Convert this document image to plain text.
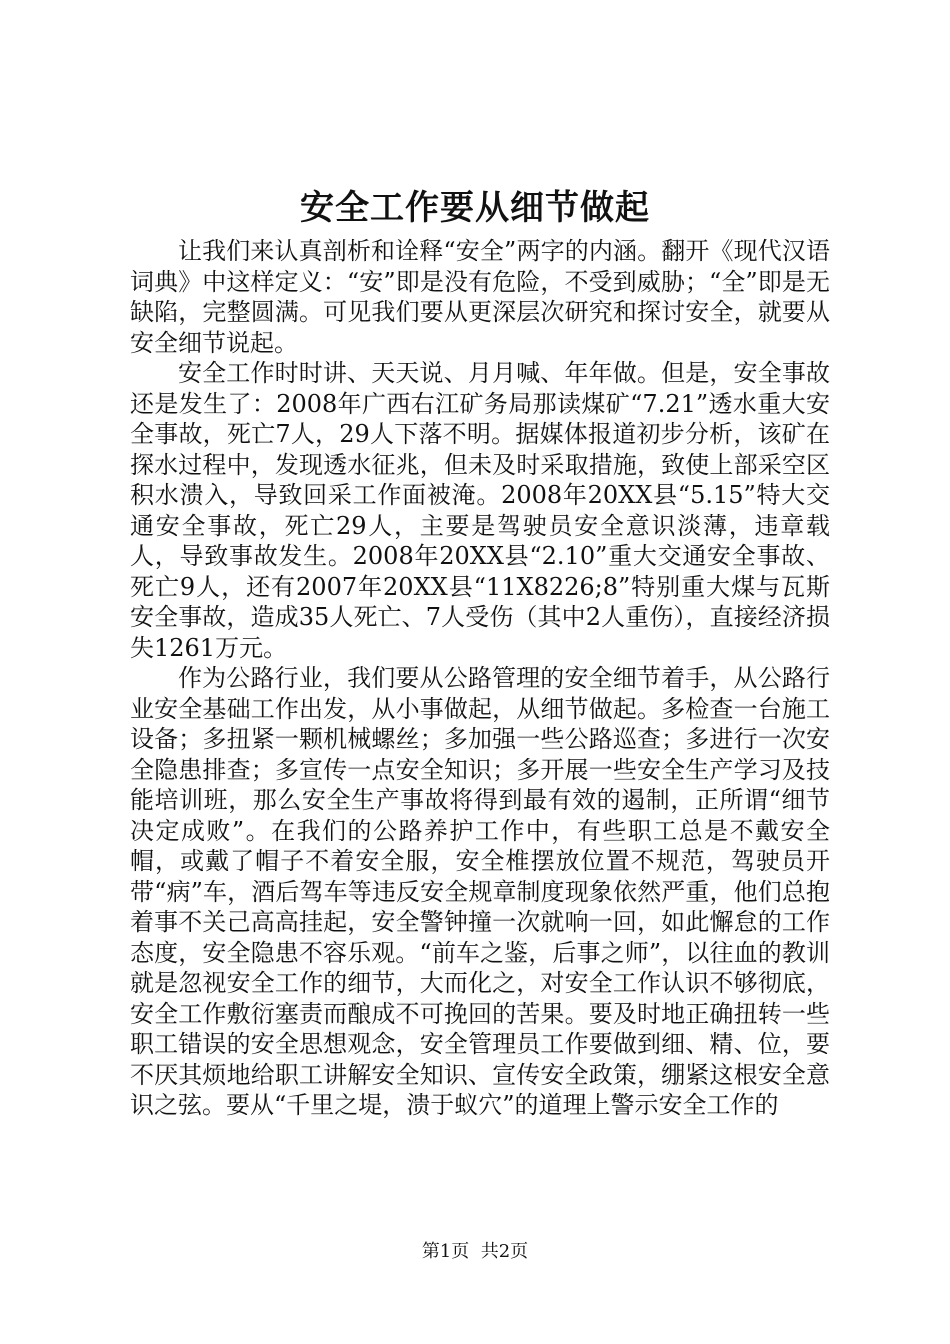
安全工作要从细节做起

让我们来认真剖析和诠释“安全”两字的内涵。翻开《现代汉语词典》中这样定义：“安”即是没有危险，不受到威胁；“全”即是无缺陷，完整圆满。可见我们要从更深层次研究和探讨安全，就要从安全细节说起。

安全工作时时讲、天天说、月月喊、年年做。但是，安全事故还是发生了：2008年广西右江矿务局那读煤矿“7.21”透水重大安全事故，死亡7人，29人下落不明。据媒体报道初步分析，该矿在探水过程中，发现透水征兆，但未及时采取措施，致使上部采空区积水溃入，导致回采工作面被淹。2008年20XX县“5.15”特大交通安全事故，死亡29人，主要是驾驶员安全意识淡薄，违章载人，导致事故发生。2008年20XX县“2.10”重大交通安全事故、死亡9人，还有2007年20XX县“11X8226;8”特别重大煤与瓦斯安全事故，造成35人死亡、7人受伤（其中2人重伤），直接经济损失1261万元。

作为公路行业，我们要从公路管理的安全细节着手，从公路行业安全基础工作出发，从小事做起，从细节做起。多检查一台施工设备；多扭紧一颗机械螺丝；多加强一些公路巡查；多进行一次安全隐患排查；多宣传一点安全知识；多开展一些安全生产学习及技能培训班，那么安全生产事故将得到最有效的遏制，正所谓“细节决定成败”。在我们的公路养护工作中，有些职工总是不戴安全帽，或戴了帽子不着安全服，安全椎摆放位置不规范，驾驶员开带“病”车，酒后驾车等违反安全规章制度现象依然严重，他们总抱着事不关己高高挂起，安全警钟撞一次就响一回，如此懈怠的工作态度，安全隐患不容乐观。“前车之鉴，后事之师”，以往血的教训就是忽视安全工作的细节，大而化之，对安全工作认识不够彻底，安全工作敷衍塞责而酿成不可挽回的苦果。要及时地正确扭转一些职工错误的安全思想观念，安全管理员工作要做到细、精、位，要不厌其烦地给职工讲解安全知识、宣传安全政策，绷紧这根安全意识之弦。要从“千里之堤，溃于蚁穴”的道理上警示安全工作的

第1页  共2页
